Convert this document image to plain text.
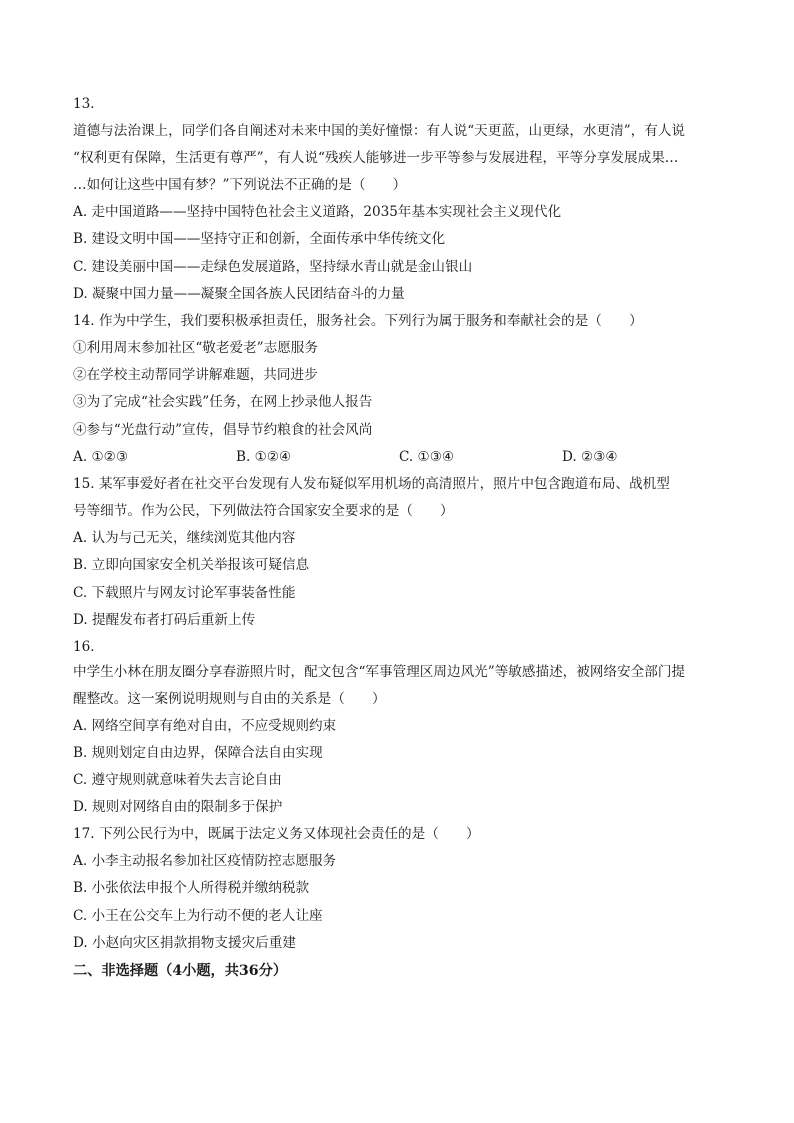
13.
道德与法治课上，同学们各自阐述对未来中国的美好憧憬：有人说“天更蓝，山更绿，水更清”，有人说
“权利更有保障，生活更有尊严”，有人说“残疾人能够进一步平等参与发展进程，平等分享发展成果…
…如何让这些中国有梦？”下列说法不正确的是（　　）
A. 走中国道路——坚持中国特色社会主义道路，2035年基本实现社会主义现代化
B. 建设文明中国——坚持守正和创新，全面传承中华传统文化
C. 建设美丽中国——走绿色发展道路，坚持绿水青山就是金山银山
D. 凝聚中国力量——凝聚全国各族人民团结奋斗的力量
14. 作为中学生，我们要积极承担责任，服务社会。下列行为属于服务和奉献社会的是（　　）
①利用周末参加社区“敬老爱老”志愿服务
②在学校主动帮同学讲解难题，共同进步
③为了完成“社会实践”任务，在网上抄录他人报告
④参与“光盘行动”宣传，倡导节约粮食的社会风尚
A. ①②③	B. ①②④	C. ①③④	D. ②③④
15. 某军事爱好者在社交平台发现有人发布疑似军用机场的高清照片，照片中包含跑道布局、战机型
号等细节。作为公民，下列做法符合国家安全要求的是（　　）
A. 认为与己无关，继续浏览其他内容
B. 立即向国家安全机关举报该可疑信息
C. 下载照片与网友讨论军事装备性能
D. 提醒发布者打码后重新上传
16.
中学生小林在朋友圈分享春游照片时，配文包含“军事管理区周边风光”等敏感描述，被网络安全部门提
醒整改。这一案例说明规则与自由的关系是（　　）
A. 网络空间享有绝对自由，不应受规则约束
B. 规则划定自由边界，保障合法自由实现
C. 遵守规则就意味着失去言论自由
D. 规则对网络自由的限制多于保护
17. 下列公民行为中，既属于法定义务又体现社会责任的是（　　）
A. 小李主动报名参加社区疫情防控志愿服务
B. 小张依法申报个人所得税并缴纳税款
C. 小王在公交车上为行动不便的老人让座
D. 小赵向灾区捐款捐物支援灾后重建
二、非选择题（4小题，共36分）
